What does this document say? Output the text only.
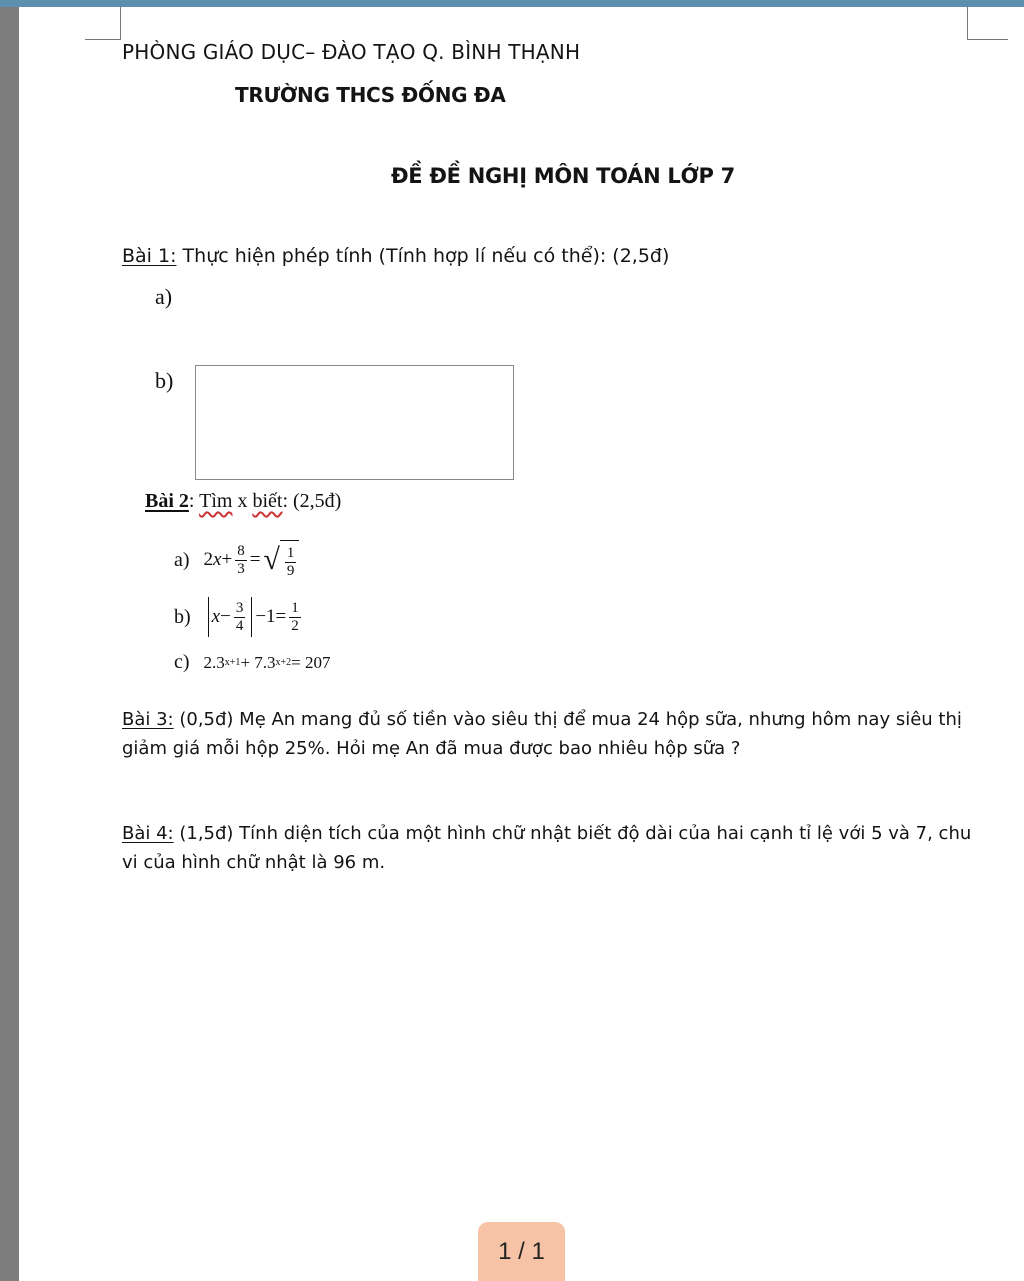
PHÒNG GIÁO DỤC– ĐÀO TẠO Q. BÌNH THẠNH
TRƯỜNG THCS ĐỐNG ĐA
ĐỀ ĐỀ NGHỊ MÔN TOÁN LỚP 7
Bài 1: Thực hiện phép tính (Tính hợp lí nếu có thể): (2,5đ)
a)
b)
Bài 2: Tìm x biết: (2,5đ)
a) 2 $x + \frac{8}{3}$ = √ $\frac{1}{9}$
b) $x - \frac{3}{4} -1= \frac{1}{2}$
c) 2.3 x+1 + 7.3 x+2 = 207
Bài 3: (0,5đ) Mẹ An mang đủ số tiền vào siêu thị để mua 24 hộp sữa, nhưng hôm nay siêu thị giảm giá mỗi hộp 25%. Hỏi mẹ An đã mua được bao nhiêu hộp sữa ?
Bài 4: (1,5đ) Tính diện tích của một hình chữ nhật biết độ dài của hai cạnh tỉ lệ với 5 và 7, chu vi của hình chữ nhật là 96 m.
1 / 1
